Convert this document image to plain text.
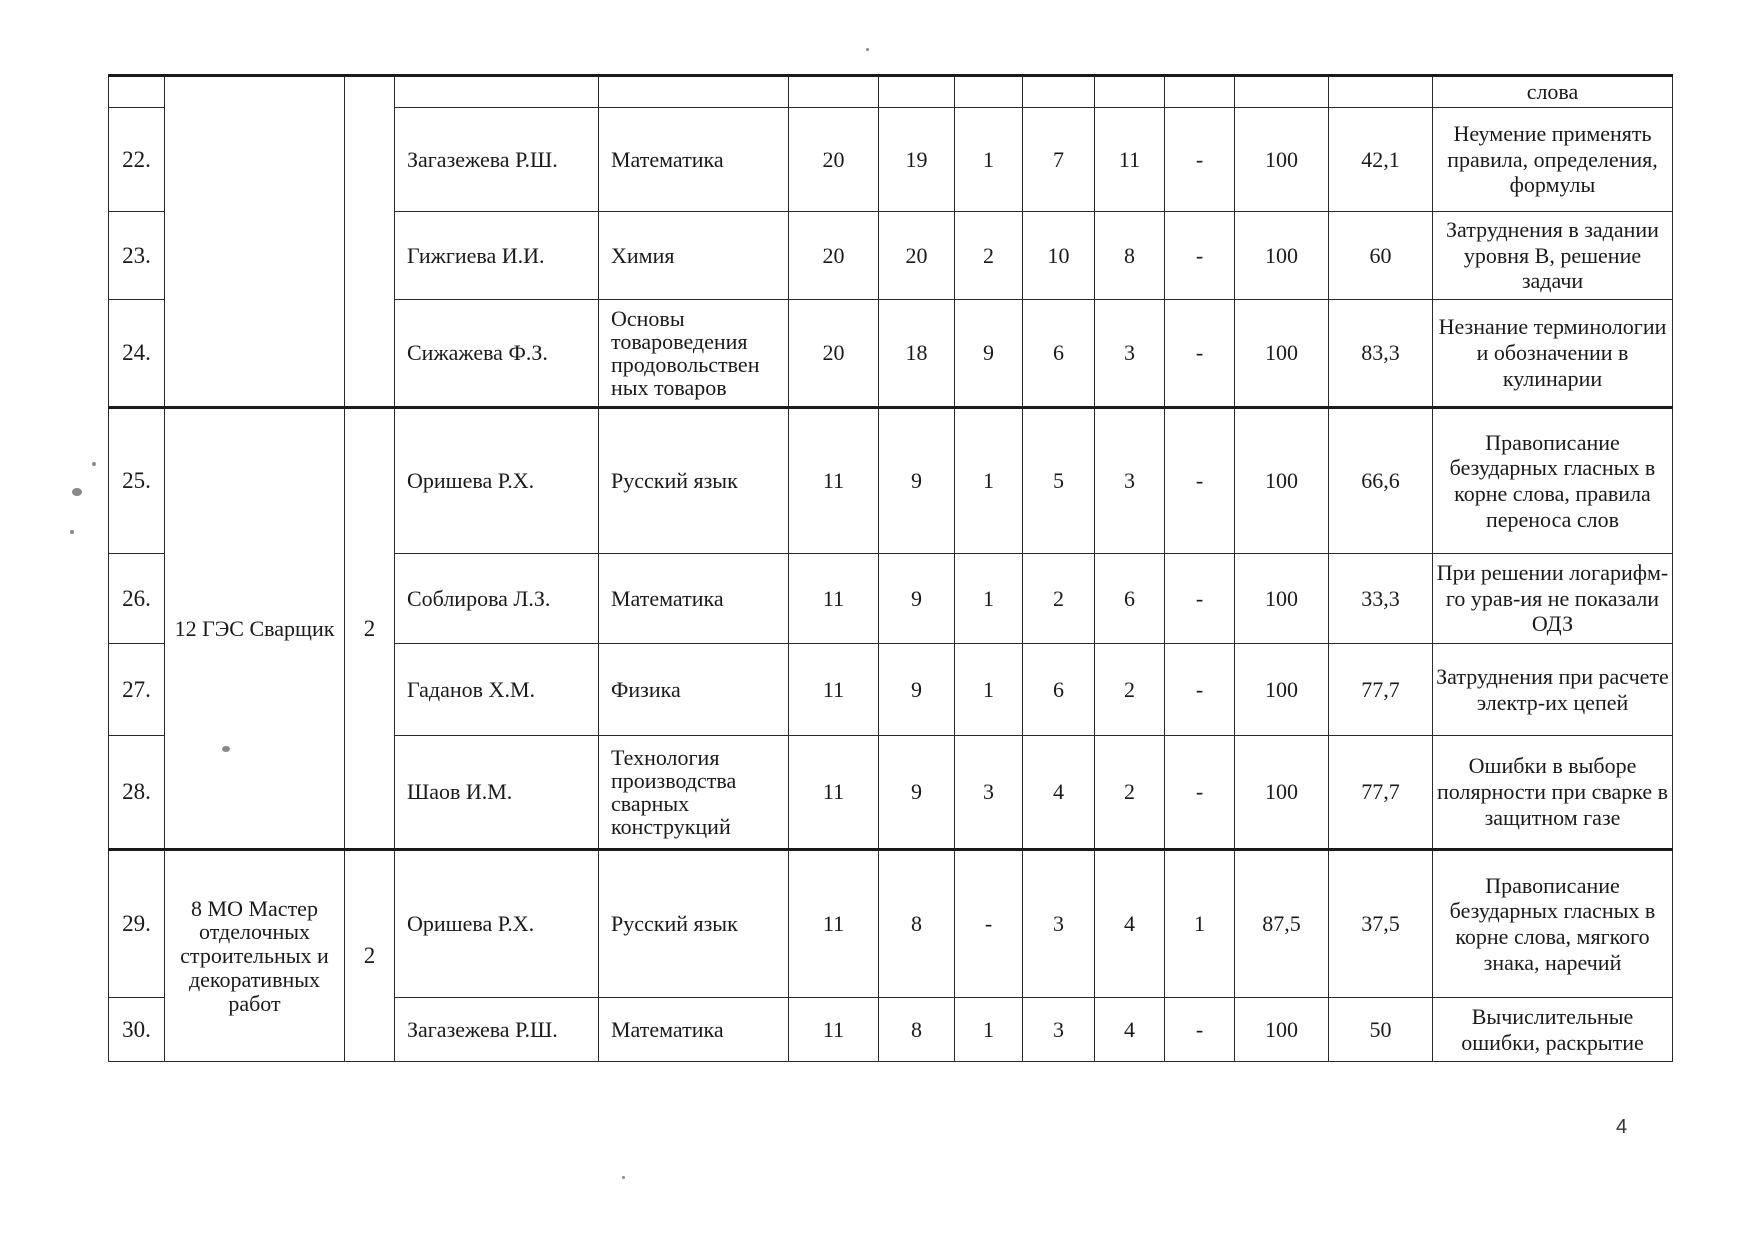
													слова
22.			Загазежева Р.Ш.	Математика	20	19	1	7	11	-	100	42,1	Неумение применять правила, определения, формулы
23.			Гижгиева И.И.	Химия	20	20	2	10	8	-	100	60	Затруднения в задании уровня В, решение задачи
24.			Сижажева Ф.З.	Основы товароведения продовольствен ных товаров	20	18	9	6	3	-	100	83,3	Незнание терминологии и обозначении в кулинарии
25.	12 ГЭС Сварщик	2	Оришева Р.Х.	Русский язык	11	9	1	5	3	-	100	66,6	Правописание безударных гласных в корне слова, правила переноса слов
26.			Соблирова Л.З.	Математика	11	9	1	2	6	-	100	33,3	При решении логарифм-го урав-ия не показали ОДЗ
27.			Гаданов Х.М.	Физика	11	9	1	6	2	-	100	77,7	Затруднения при расчете электр-их цепей
28.			Шаов И.М.	Технология производства сварных конструкций	11	9	3	4	2	-	100	77,7	Ошибки в выборе полярности при сварке в защитном газе
29.	8 МО Мастер отделочных строительных и декоративных работ	2	Оришева Р.Х.	Русский язык	11	8	-	3	4	1	87,5	37,5	Правописание безударных гласных в корне слова, мягкого знака, наречий
30.			Загазежева Р.Ш.	Математика	11	8	1	3	4	-	100	50	Вычислительные ошибки, раскрытие
4
